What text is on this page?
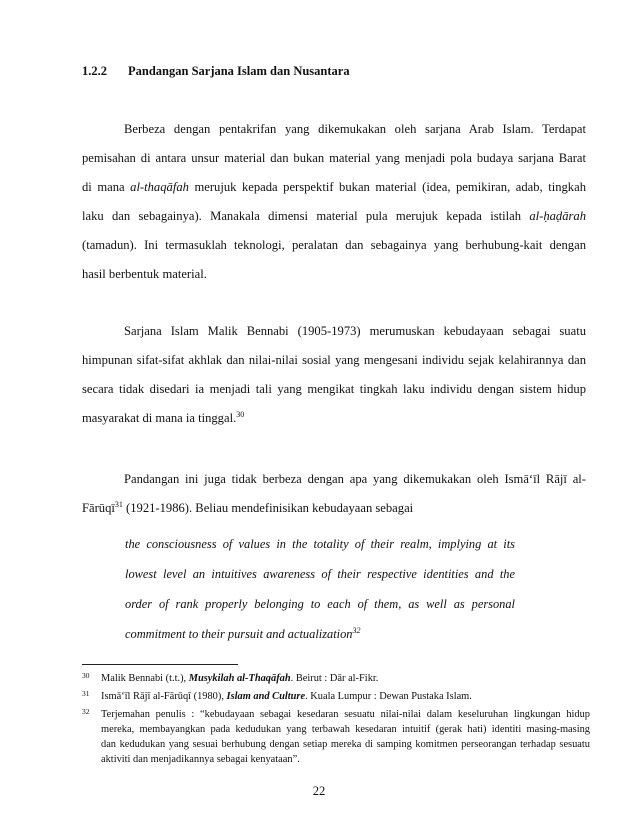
1.2.2 Pandangan Sarjana Islam dan Nusantara
Berbeza dengan pentakrifan yang dikemukakan oleh sarjana Arab Islam. Terdapat
pemisahan di antara unsur material dan bukan material yang menjadi pola budaya sarjana Barat
di mana al-thaqāfah merujuk kepada perspektif bukan material (idea, pemikiran, adab, tingkah
laku dan sebagainya). Manakala dimensi material pula merujuk kepada istilah al-ḥaḍārah
(tamadun). Ini termasuklah teknologi, peralatan dan sebagainya yang berhubung-kait dengan
hasil berbentuk material.
Sarjana Islam Malik Bennabi (1905-1973) merumuskan kebudayaan sebagai suatu
himpunan sifat-sifat akhlak dan nilai-nilai sosial yang mengesani individu sejak kelahirannya dan
secara tidak disedari ia menjadi tali yang mengikat tingkah laku individu dengan sistem hidup
masyarakat di mana ia tinggal.$^{30}$
Pandangan ini juga tidak berbeza dengan apa yang dikemukakan oleh Ismā‘īl Rājī al-
Fārūqī$^{31}$ (1921-1986). Beliau mendefinisikan kebudayaan sebagai
the consciousness of values in the totality of their realm, implying at its
lowest level an intuitives awareness of their respective identities and the
order of rank properly belonging to each of them, as well as personal
commitment to their pursuit and actualization$^{32}$
30 Malik Bennabi (t.t.), Musykilah al-Thaqāfah. Beirut : Dār al-Fikr.
31 Ismā‘īl Rājī al-Fārūqī (1980), Islam and Culture. Kuala Lumpur : Dewan Pustaka Islam.
32 Terjemahan penulis : “kebudayaan sebagai kesedaran sesuatu nilai-nilai dalam keseluruhan lingkungan hidup
mereka, membayangkan pada kedudukan yang terbawah kesedaran intuitif (gerak hati) identiti masing-masing
dan kedudukan yang sesuai berhubung dengan setiap mereka di samping komitmen perseorangan terhadap sesuatu
aktiviti dan menjadikannya sebagai kenyataan”.
22
